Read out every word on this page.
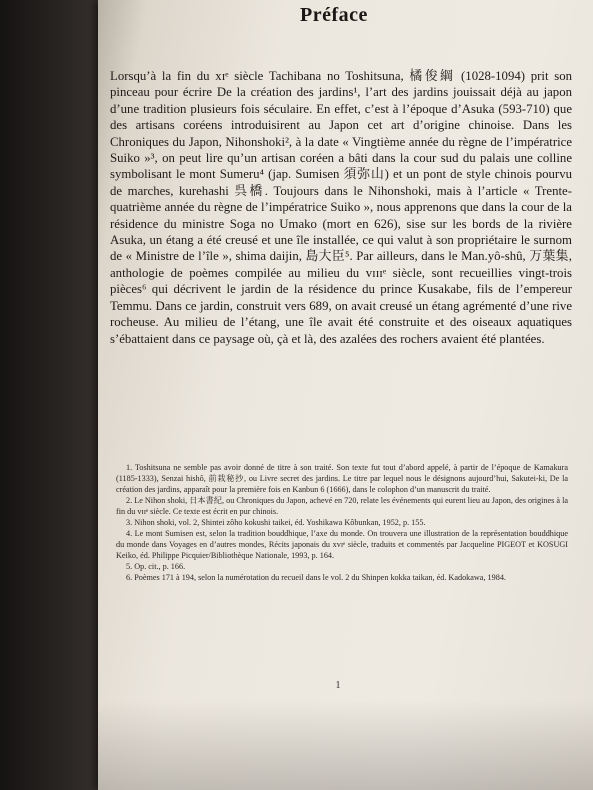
Préface

Lorsqu’à la fin du xɪᵉ siècle Tachibana no Toshitsuna, 橘俊綱 (1028-1094) prit son pinceau pour écrire De la création des jardins¹, l’art des jardins jouissait déjà au japon d’une tradition plusieurs fois séculaire. En effet, c’est à l’époque d’Asuka (593-710) que des artisans coréens introduisirent au Japon cet art d’origine chinoise. Dans les Chroniques du Japon, Nihonshoki², à la date « Vingtième année du règne de l’impératrice Suiko »³, on peut lire qu’un artisan coréen a bâti dans la cour sud du palais une colline symbolisant le mont Sumeru⁴ (jap. Sumisen 須弥山) et un pont de style chinois pourvu de marches, kurehashi 呉橋. Toujours dans le Nihonshoki, mais à l’article « Trente-quatrième année du règne de l’impératrice Suiko », nous apprenons que dans la cour de la résidence du ministre Soga no Umako (mort en 626), sise sur les bords de la rivière Asuka, un étang a été creusé et une île installée, ce qui valut à son propriétaire le surnom de « Ministre de l’île », shima daijin, 島大臣⁵. Par ailleurs, dans le Man.yô-shû, 万葉集, anthologie de poèmes compilée au milieu du vɪɪɪᵉ siècle, sont recueillies vingt-trois pièces⁶ qui décrivent le jardin de la résidence du prince Kusakabe, fils de l’empereur Temmu. Dans ce jardin, construit vers 689, on avait creusé un étang agrémenté d’une rive rocheuse. Au milieu de l’étang, une île avait été construite et des oiseaux aquatiques s’ébattaient dans ce paysage où, çà et là, des azalées des rochers avaient été plantées.

1. Toshitsuna ne semble pas avoir donné de titre à son traité. Son texte fut tout d’abord appelé, à partir de l’époque de Kamakura (1185-1333), Senzai hishô, 前栽秘抄, ou Livre secret des jardins. Le titre par lequel nous le désignons aujourd’hui, Sakutei-ki, De la création des jardins, apparaît pour la première fois en Kanbun 6 (1666), dans le colophon d’un manuscrit du traité.
2. Le Nihon shoki, 日本書紀, ou Chroniques du Japon, achevé en 720, relate les événements qui eurent lieu au Japon, des origines à la fin du vɪɪᵉ siècle. Ce texte est écrit en pur chinois.
3. Nihon shoki, vol. 2, Shintei zôho kokushi taikei, éd. Yoshikawa Kôbunkan, 1952, p. 155.
4. Le mont Sumisen est, selon la tradition bouddhique, l’axe du monde. On trouvera une illustration de la représentation bouddhique du monde dans Voyages en d’autres mondes, Récits japonais du xvɪᵉ siècle, traduits et commentés par Jacqueline PIGEOT et KOSUGI Keiko, éd. Philippe Picquier/Bibliothèque Nationale, 1993, p. 164.
5. Op. cit., p. 166.
6. Poèmes 171 à 194, selon la numérotation du recueil dans le vol. 2 du Shinpen kokka taikan, éd. Kadokawa, 1984.
1
